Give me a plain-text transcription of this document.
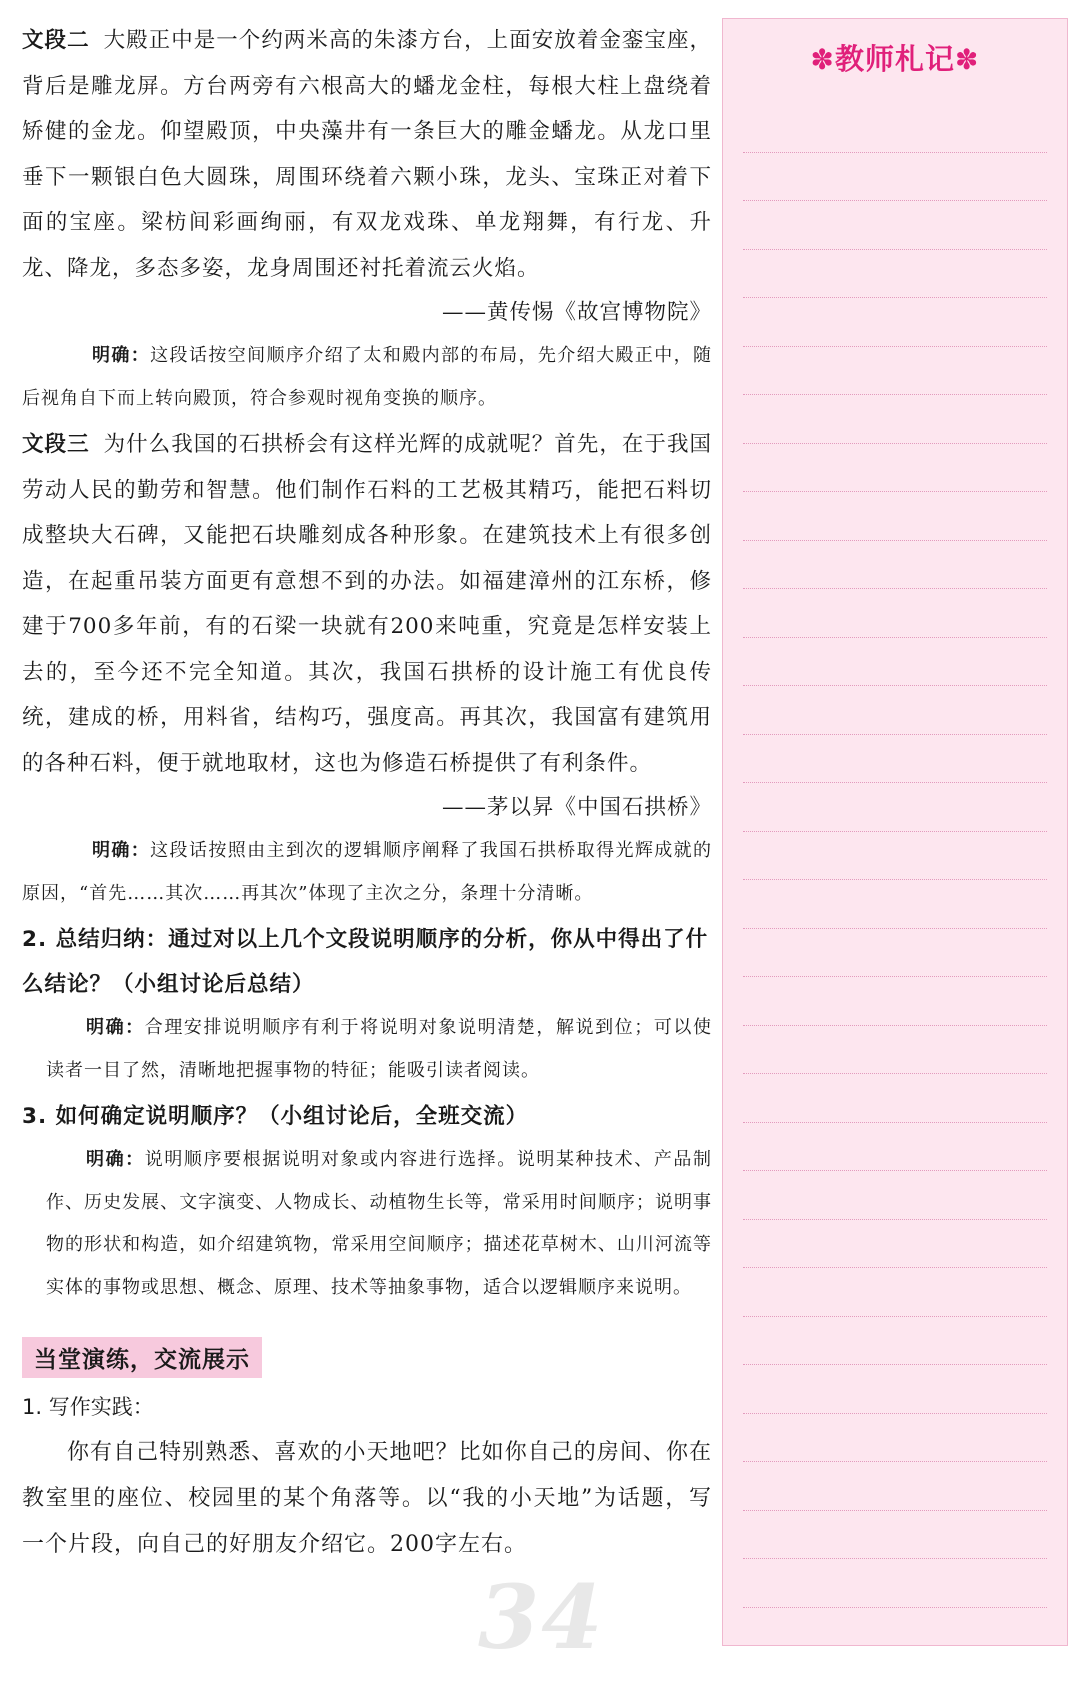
文段二 大殿正中是一个约两米高的朱漆方台，上面安放着金銮宝座，背后是雕龙屏。方台两旁有六根高大的蟠龙金柱，每根大柱上盘绕着矫健的金龙。仰望殿顶，中央藻井有一条巨大的雕金蟠龙。从龙口里垂下一颗银白色大圆珠，周围环绕着六颗小珠，龙头、宝珠正对着下面的宝座。梁枋间彩画绚丽，有双龙戏珠、单龙翔舞，有行龙、升龙、降龙，多态多姿，龙身周围还衬托着流云火焰。

——黄传惕《故宫博物院》

明确：这段话按空间顺序介绍了太和殿内部的布局，先介绍大殿正中，随后视角自下而上转向殿顶，符合参观时视角变换的顺序。

文段三 为什么我国的石拱桥会有这样光辉的成就呢？首先，在于我国劳动人民的勤劳和智慧。他们制作石料的工艺极其精巧，能把石料切成整块大石碑，又能把石块雕刻成各种形象。在建筑技术上有很多创造，在起重吊装方面更有意想不到的办法。如福建漳州的江东桥，修建于700多年前，有的石梁一块就有200来吨重，究竟是怎样安装上去的，至今还不完全知道。其次，我国石拱桥的设计施工有优良传统，建成的桥，用料省，结构巧，强度高。再其次，我国富有建筑用的各种石料，便于就地取材，这也为修造石桥提供了有利条件。

——茅以昇《中国石拱桥》

明确：这段话按照由主到次的逻辑顺序阐释了我国石拱桥取得光辉成就的原因，“首先……其次……再其次”体现了主次之分，条理十分清晰。

2. 总结归纳：通过对以上几个文段说明顺序的分析，你从中得出了什么结论？（小组讨论后总结）

明确：合理安排说明顺序有利于将说明对象说明清楚，解说到位；可以使读者一目了然，清晰地把握事物的特征；能吸引读者阅读。

3. 如何确定说明顺序？（小组讨论后，全班交流）

明确：说明顺序要根据说明对象或内容进行选择。说明某种技术、产品制作、历史发展、文字演变、人物成长、动植物生长等，常采用时间顺序；说明事物的形状和构造，如介绍建筑物，常采用空间顺序；描述花草树木、山川河流等实体的事物或思想、概念、原理、技术等抽象事物，适合以逻辑顺序来说明。

当堂演练，交流展示

1. 写作实践：

你有自己特别熟悉、喜欢的小天地吧？比如你自己的房间、你在教室里的座位、校园里的某个角落等。以“我的小天地”为话题，写一个片段，向自己的好朋友介绍它。200字左右。

34
✽教师札记✽
